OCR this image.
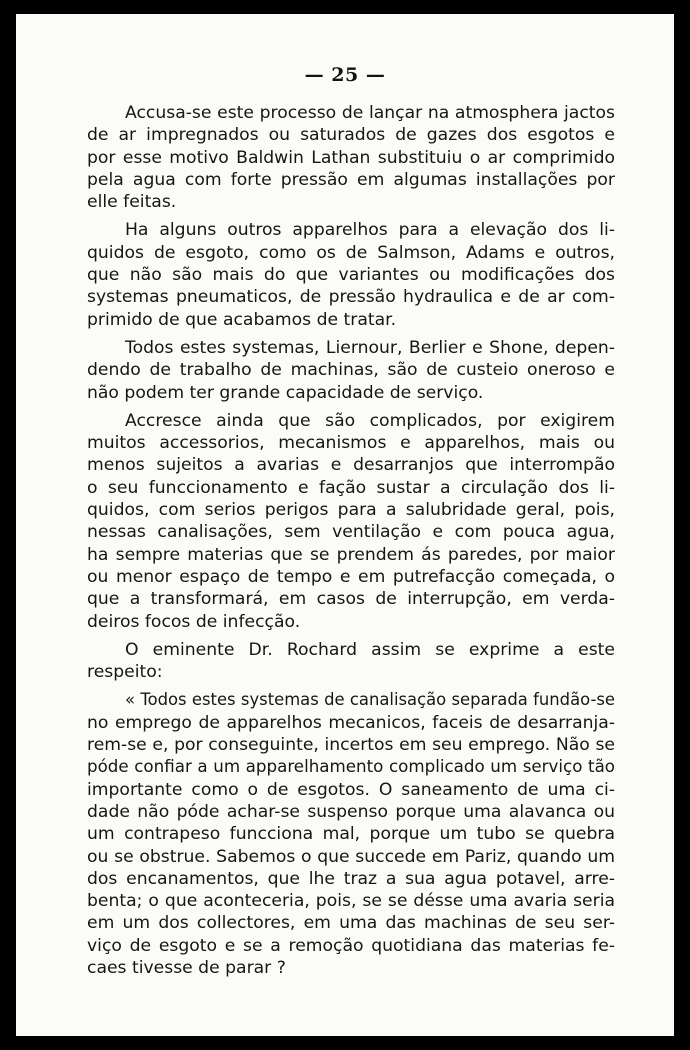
— 25 —
Accusa-se este processo de lançar na atmosphera jactos
de ar impregnados ou saturados de gazes dos esgotos e
por esse motivo Baldwin Lathan substituiu o ar comprimido
pela agua com forte pressão em algumas installações por
elle feitas.
Ha alguns outros apparelhos para a elevação dos li-
quidos de esgoto, como os de Salmson, Adams e outros,
que não são mais do que variantes ou modificações dos
systemas pneumaticos, de pressão hydraulica e de ar com-
primido de que acabamos de tratar.
Todos estes systemas, Liernour, Berlier e Shone, depen-
dendo de trabalho de machinas, são de custeio oneroso e
não podem ter grande capacidade de serviço.
Accresce ainda que são complicados, por exigirem
muitos accessorios, mecanismos e apparelhos, mais ou
menos sujeitos a avarias e desarranjos que interrompão
o seu funccionamento e fação sustar a circulação dos li-
quidos, com serios perigos para a salubridade geral, pois,
nessas canalisações, sem ventilação e com pouca agua,
ha sempre materias que se prendem ás paredes, por maior
ou menor espaço de tempo e em putrefacção começada, o
que a transformará, em casos de interrupção, em verda-
deiros focos de infecção.
O eminente Dr. Rochard assim se exprime a este
respeito:
« Todos estes systemas de canalisação separada fundão-se
no emprego de apparelhos mecanicos, faceis de desarranja-
rem-se e, por conseguinte, incertos em seu emprego. Não se
póde confiar a um apparelhamento complicado um serviço tão
importante como o de esgotos. O saneamento de uma ci-
dade não póde achar-se suspenso porque uma alavanca ou
um contrapeso funcciona mal, porque um tubo se quebra
ou se obstrue. Sabemos o que succede em Pariz, quando um
dos encanamentos, que lhe traz a sua agua potavel, arre-
benta; o que aconteceria, pois, se se désse uma avaria seria
em um dos collectores, em uma das machinas de seu ser-
viço de esgoto e se a remoção quotidiana das materias fe-
caes tivesse de parar ?
